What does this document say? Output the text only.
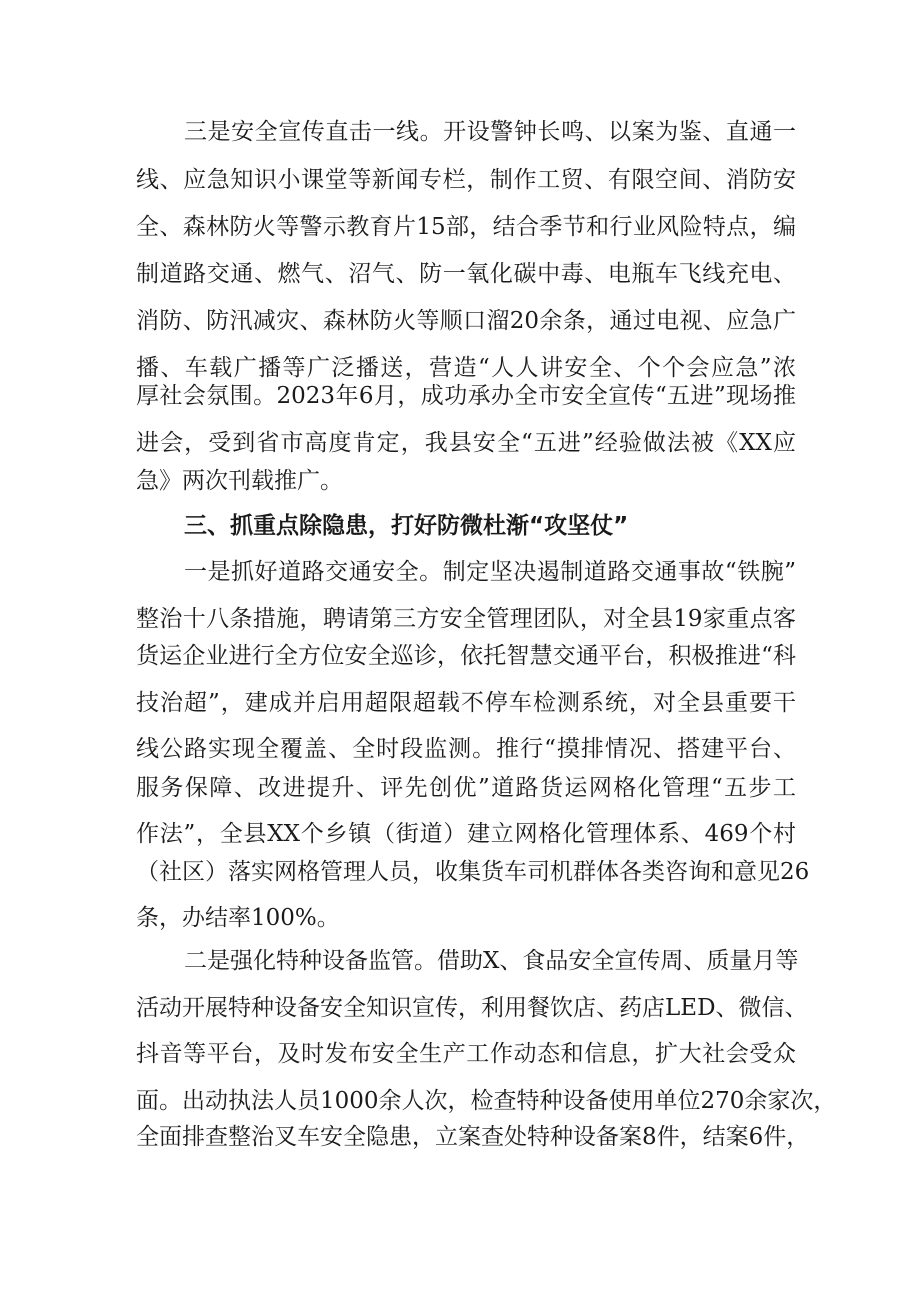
三是安全宣传直击一线。开设警钟长鸣、以案为鉴、直通一
线、应急知识小课堂等新闻专栏，制作工贸、有限空间、消防安
全、森林防火等警示教育片15部，结合季节和行业风险特点，编
制道路交通、燃气、沼气、防一氧化碳中毒、电瓶车飞线充电、
消防、防汛减灾、森林防火等顺口溜20余条，通过电视、应急广
播、车载广播等广泛播送，营造“人人讲安全、个个会应急”浓
厚社会氛围。2023年6月，成功承办全市安全宣传“五进”现场推
进会，受到省市高度肯定，我县安全“五进”经验做法被《XX应
急》两次刊载推广。
三、抓重点除隐患，打好防微杜渐“攻坚仗”
一是抓好道路交通安全。制定坚决遏制道路交通事故“铁腕”
整治十八条措施，聘请第三方安全管理团队，对全县19家重点客
货运企业进行全方位安全巡诊，依托智慧交通平台，积极推进“科
技治超”，建成并启用超限超载不停车检测系统，对全县重要干
线公路实现全覆盖、全时段监测。推行“摸排情况、搭建平台、
服务保障、改进提升、评先创优”道路货运网格化管理“五步工
作法”，全县XX个乡镇（街道）建立网格化管理体系、469个村
（社区）落实网格管理人员，收集货车司机群体各类咨询和意见26
条，办结率100%。
二是强化特种设备监管。借助X、食品安全宣传周、质量月等
活动开展特种设备安全知识宣传，利用餐饮店、药店LED、微信、
抖音等平台，及时发布安全生产工作动态和信息，扩大社会受众
面。出动执法人员1000余人次，检查特种设备使用单位270余家次，
全面排查整治叉车安全隐患，立案查处特种设备案8件，结案6件，
